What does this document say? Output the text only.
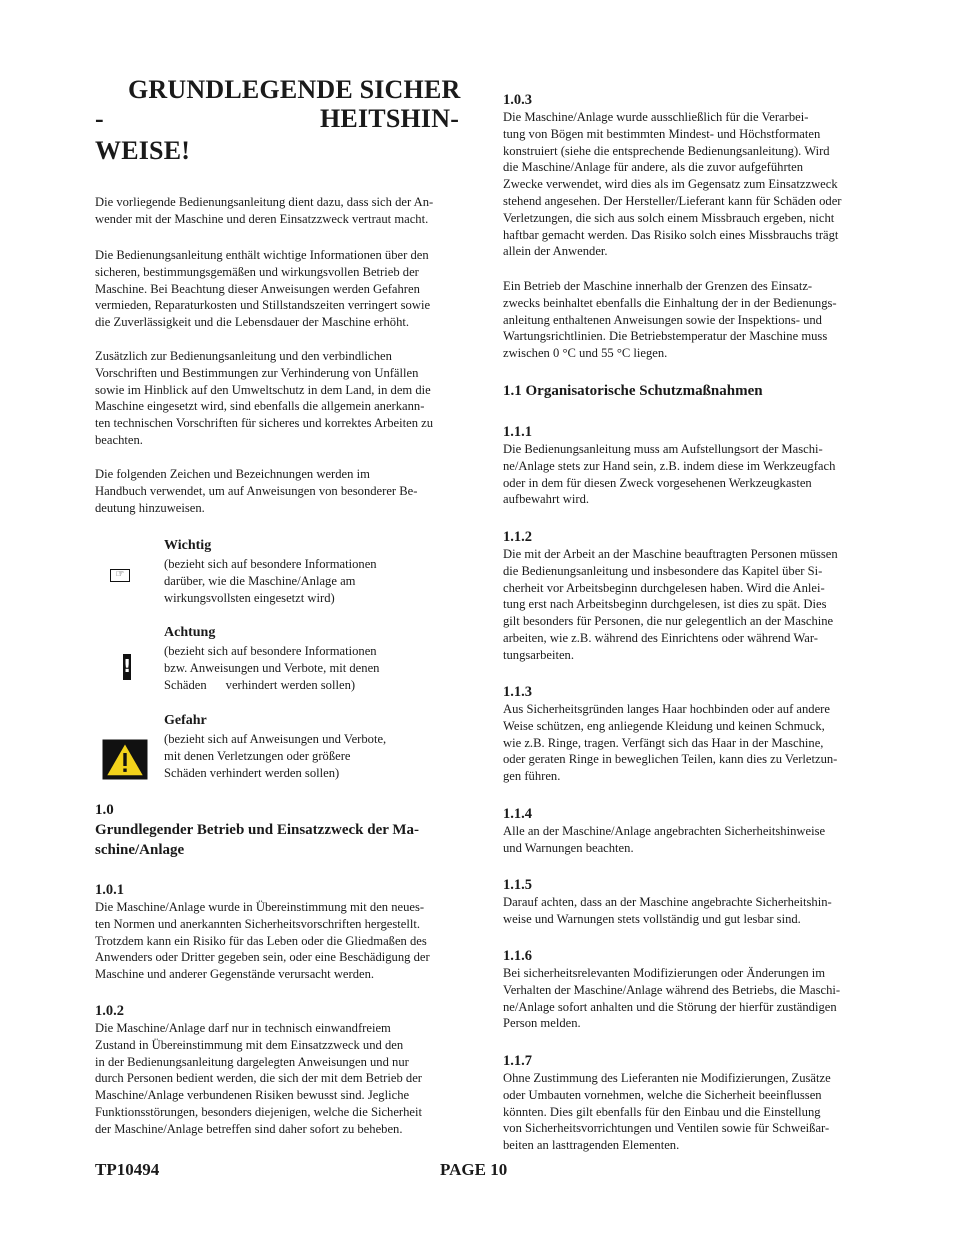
GRUNDLEGENDE SICHER
-	HEITSHIN-
WEISE!

Die vorliegende Bedienungsanleitung dient dazu, dass sich der An-

wender mit der Maschine und deren Einsatzzweck vertraut macht.

Die Bedienungsanleitung enthält wichtige Informationen über den

sicheren, bestimmungsgemäßen und wirkungsvollen Betrieb der

Maschine. Bei Beachtung dieser Anweisungen werden Gefahren

vermieden, Reparaturkosten und Stillstandszeiten verringert sowie

die Zuverlässigkeit und die Lebensdauer der Maschine erhöht.

Zusätzlich zur Bedienungsanleitung und den verbindlichen

Vorschriften und Bestimmungen zur Verhinderung von Unfällen

sowie im Hinblick auf den Umweltschutz in dem Land, in dem die

Maschine eingesetzt wird, sind ebenfalls die allgemein anerkann-

ten technischen Vorschriften für sicheres und korrektes Arbeiten zu

beachten.

Die folgenden Zeichen und Bezeichnungen werden im

Handbuch verwendet, um auf Anweisungen von besonderer Be-

deutung hinzuweisen.

☞

Wichtig

(bezieht sich auf besondere Informationen

darüber, wie die Maschine/Anlage am

wirkungsvollsten eingesetzt wird)

!

Achtung

(bezieht sich auf besondere Informationen

bzw. Anweisungen und Verbote, mit denen

Schäden verhindert werden sollen)

Gefahr

(bezieht sich auf Anweisungen und Verbote,

mit denen Verletzungen oder größere

Schäden verhindert werden sollen)

1.0

Grundlegender Betrieb und Einsatzzweck der Ma-

schine/Anlage

1.0.1

Die Maschine/Anlage wurde in Übereinstimmung mit den neues-

ten Normen und anerkannten Sicherheitsvorschriften hergestellt.

Trotzdem kann ein Risiko für das Leben oder die Gliedmaßen des

Anwenders oder Dritter gegeben sein, oder eine Beschädigung der

Maschine und anderer Gegenstände verursacht werden.

1.0.2

Die Maschine/Anlage darf nur in technisch einwandfreiem

Zustand in Übereinstimmung mit dem Einsatzzweck und den

in der Bedienungsanleitung dargelegten Anweisungen und nur

durch Personen bedient werden, die sich der mit dem Betrieb der

Maschine/Anlage verbundenen Risiken bewusst sind. Jegliche

Funktionsstörungen, besonders diejenigen, welche die Sicherheit

der Maschine/Anlage betreffen sind daher sofort zu beheben.

1.0.3

Die Maschine/Anlage wurde ausschließlich für die Verarbei-

tung von Bögen mit bestimmten Mindest- und Höchstformaten

konstruiert (siehe die entsprechende Bedienungsanleitung). Wird

die Maschine/Anlage für andere, als die zuvor aufgeführten

Zwecke verwendet, wird dies als im Gegensatz zum Einsatzzweck

stehend angesehen. Der Hersteller/Lieferant kann für Schäden oder

Verletzungen, die sich aus solch einem Missbrauch ergeben, nicht

haftbar gemacht werden. Das Risiko solch eines Missbrauchs trägt

allein der Anwender.

Ein Betrieb der Maschine innerhalb der Grenzen des Einsatz-

zwecks beinhaltet ebenfalls die Einhaltung der in der Bedienungs-

anleitung enthaltenen Anweisungen sowie der Inspektions- und

Wartungsrichtlinien. Die Betriebstemperatur der Maschine muss

zwischen 0 °C und 55 °C liegen.

1.1 Organisatorische Schutzmaßnahmen

1.1.1

Die Bedienungsanleitung muss am Aufstellungsort der Maschi-

ne/Anlage stets zur Hand sein, z.B. indem diese im Werkzeugfach

oder in dem für diesen Zweck vorgesehenen Werkzeugkasten

aufbewahrt wird.

1.1.2

Die mit der Arbeit an der Maschine beauftragten Personen müssen

die Bedienungsanleitung und insbesondere das Kapitel über Si-

cherheit vor Arbeitsbeginn durchgelesen haben. Wird die Anlei-

tung erst nach Arbeitsbeginn durchgelesen, ist dies zu spät. Dies

gilt besonders für Personen, die nur gelegentlich an der Maschine

arbeiten, wie z.B. während des Einrichtens oder während War-

tungsarbeiten.

1.1.3

Aus Sicherheitsgründen langes Haar hochbinden oder auf andere

Weise schützen, eng anliegende Kleidung und keinen Schmuck,

wie z.B. Ringe, tragen. Verfängt sich das Haar in der Maschine,

oder geraten Ringe in beweglichen Teilen, kann dies zu Verletzun-

gen führen.

1.1.4

Alle an der Maschine/Anlage angebrachten Sicherheitshinweise

und Warnungen beachten.

1.1.5

Darauf achten, dass an der Maschine angebrachte Sicherheitshin-

weise und Warnungen stets vollständig und gut lesbar sind.

1.1.6

Bei sicherheitsrelevanten Modifizierungen oder Änderungen im

Verhalten der Maschine/Anlage während des Betriebs, die Maschi-

ne/Anlage sofort anhalten und die Störung der hierfür zuständigen

Person melden.

1.1.7

Ohne Zustimmung des Lieferanten nie Modifizierungen, Zusätze

oder Umbauten vornehmen, welche die Sicherheit beeinflussen

könnten. Dies gilt ebenfalls für den Einbau und die Einstellung

von Sicherheitsvorrichtungen und Ventilen sowie für Schweißar-

beiten an lasttragenden Elementen.

TP10494	PAGE 10
